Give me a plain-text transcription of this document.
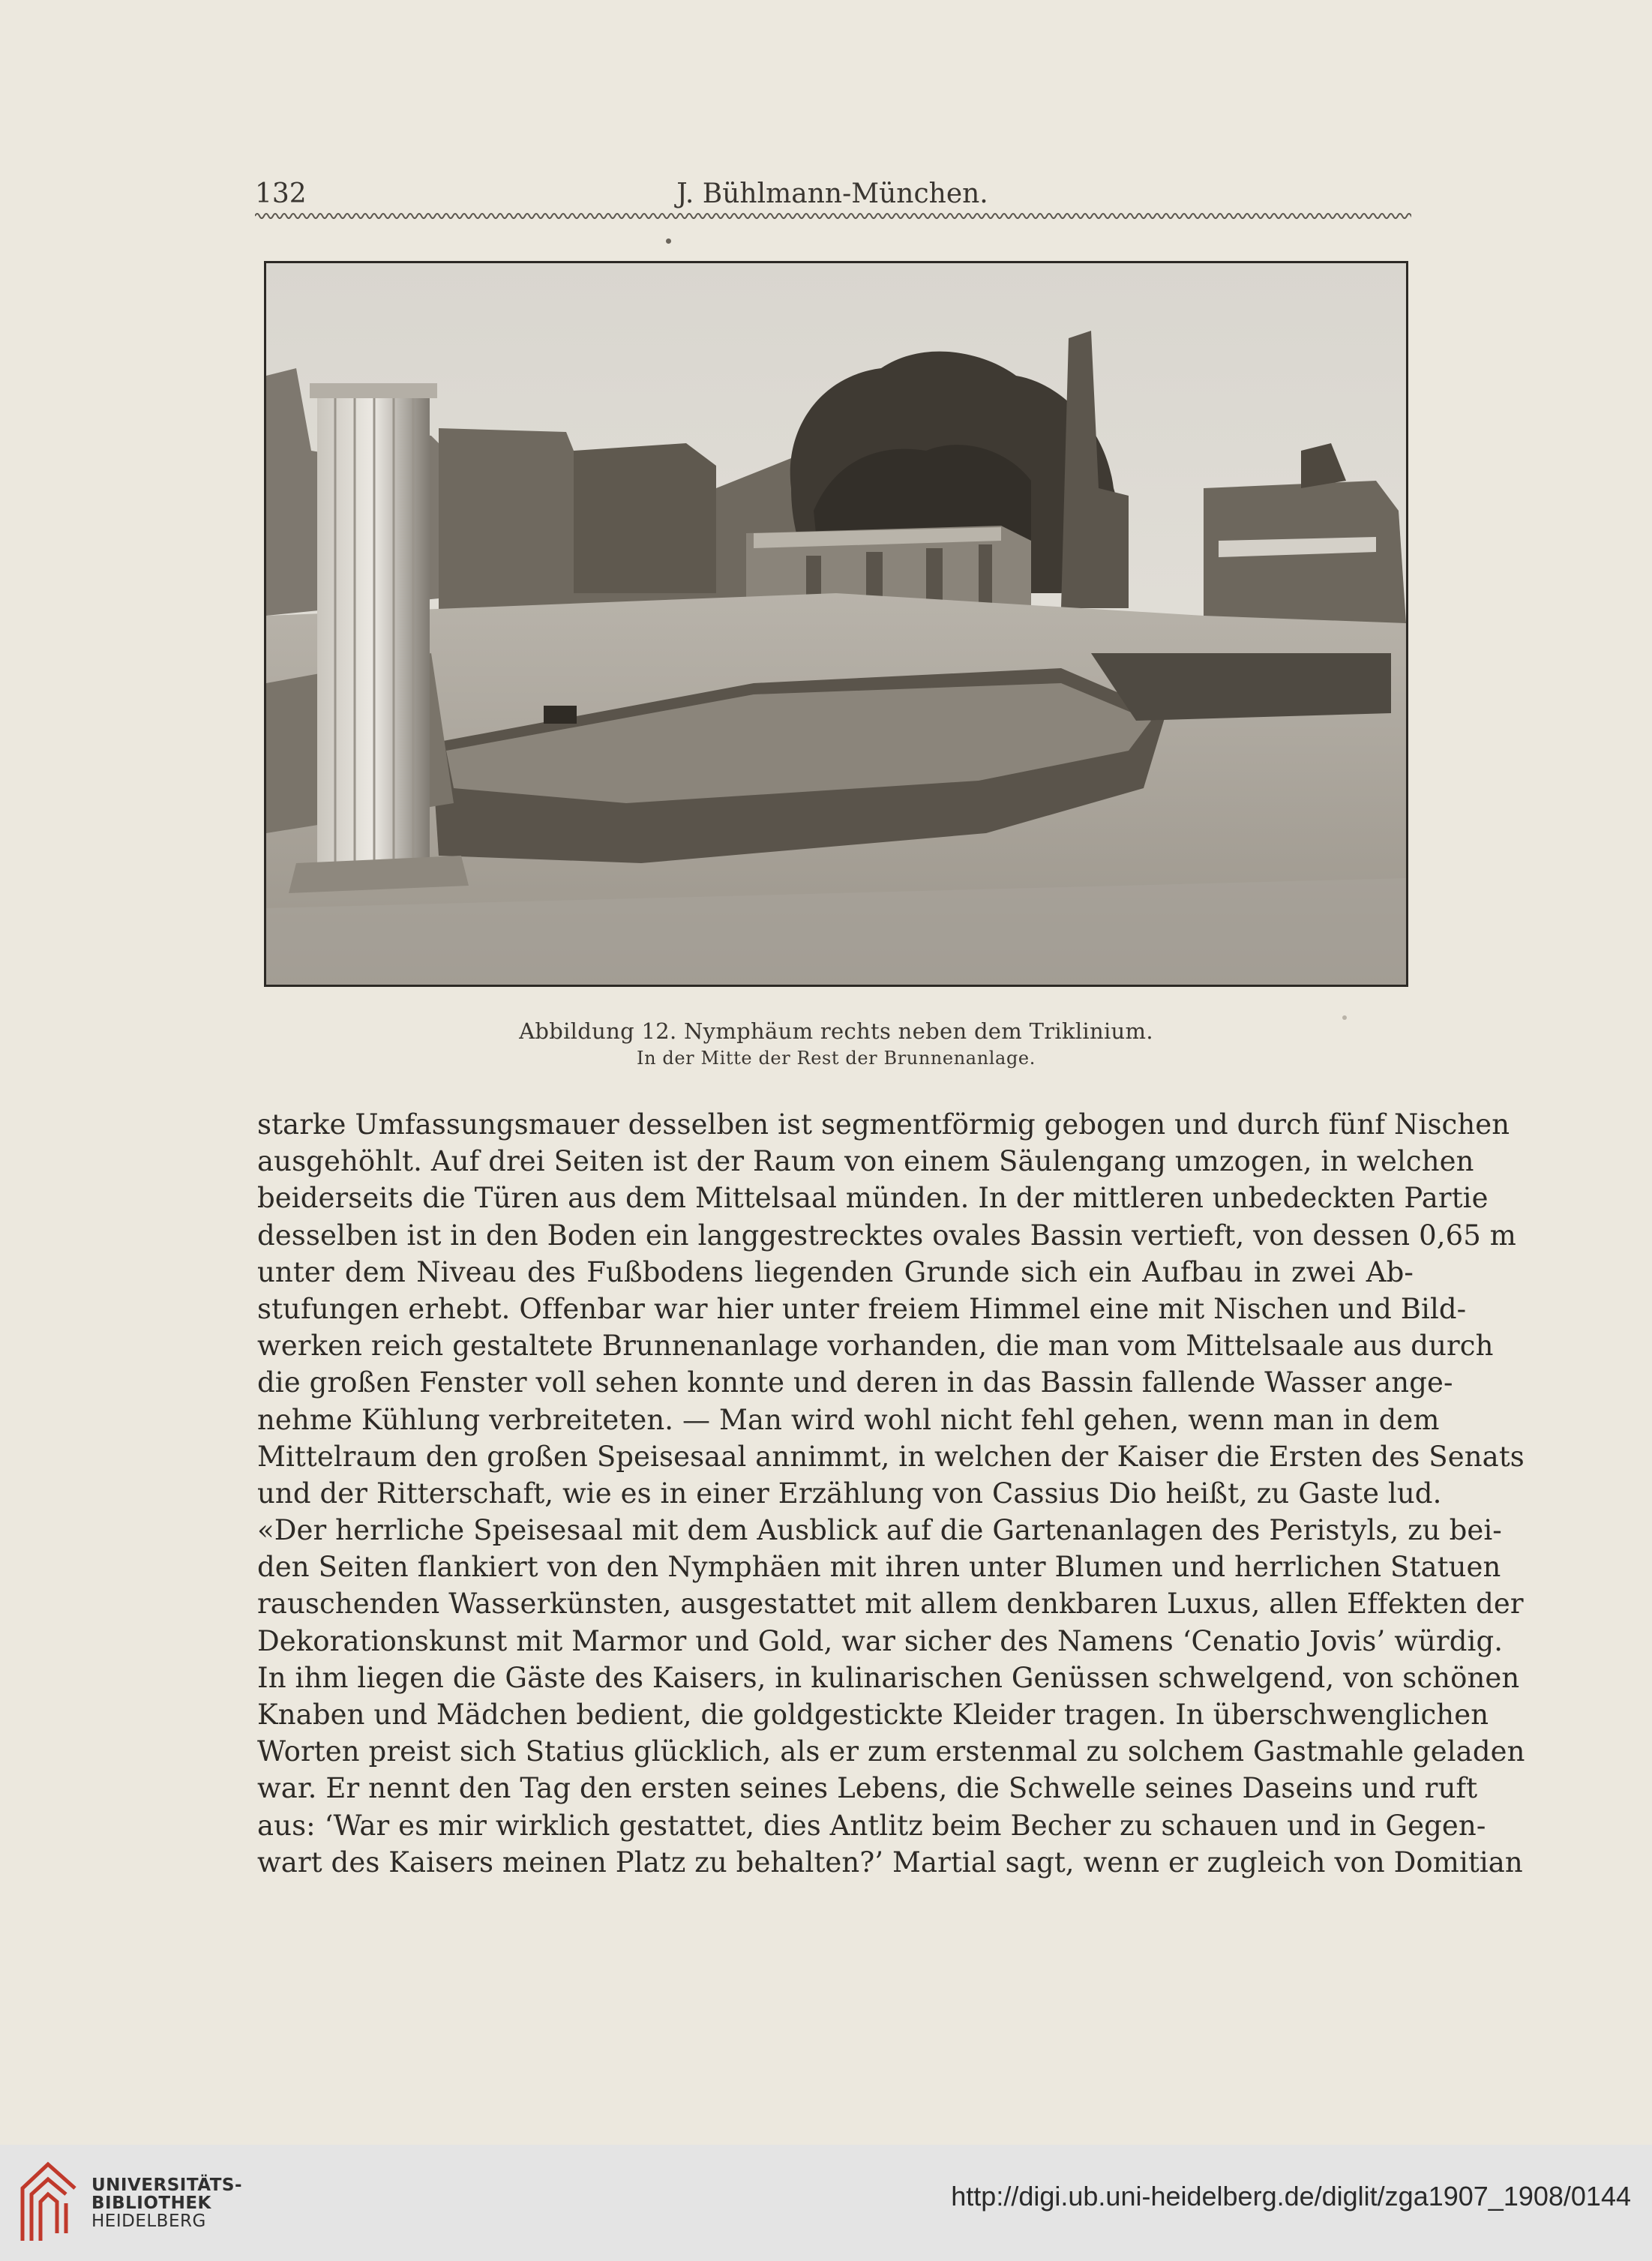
132	J. Bühlmann-München.
Abbildung 12. Nymphäum rechts neben dem Triklinium.
In der Mitte der Rest der Brunnenanlage.
starke Umfassungsmauer desselben ist segmentförmig gebogen und durch fünf Nischen
ausgehöhlt. Auf drei Seiten ist der Raum von einem Säulengang umzogen, in welchen
beiderseits die Türen aus dem Mittelsaal münden. In der mittleren unbedeckten Partie
desselben ist in den Boden ein langgestrecktes ovales Bassin vertieft, von dessen 0,65 m
unter dem Niveau des Fußbodens liegenden Grunde sich ein Aufbau in zwei Ab-
stufungen erhebt. Offenbar war hier unter freiem Himmel eine mit Nischen und Bild-
werken reich gestaltete Brunnenanlage vorhanden, die man vom Mittelsaale aus durch
die großen Fenster voll sehen konnte und deren in das Bassin fallende Wasser ange-
nehme Kühlung verbreiteten. — Man wird wohl nicht fehl gehen, wenn man in dem
Mittelraum den großen Speisesaal annimmt, in welchen der Kaiser die Ersten des Senats
und der Ritterschaft, wie es in einer Erzählung von Cassius Dio heißt, zu Gaste lud.
«Der herrliche Speisesaal mit dem Ausblick auf die Gartenanlagen des Peristyls, zu bei-
den Seiten flankiert von den Nymphäen mit ihren unter Blumen und herrlichen Statuen
rauschenden Wasserkünsten, ausgestattet mit allem denkbaren Luxus, allen Effekten der
Dekorationskunst mit Marmor und Gold, war sicher des Namens ʻCenatio Jovis’ würdig.
In ihm liegen die Gäste des Kaisers, in kulinarischen Genüssen schwelgend, von schönen
Knaben und Mädchen bedient, die goldgestickte Kleider tragen. In überschwenglichen
Worten preist sich Statius glücklich, als er zum erstenmal zu solchem Gastmahle geladen
war. Er nennt den Tag den ersten seines Lebens, die Schwelle seines Daseins und ruft
aus: ʻWar es mir wirklich gestattet, dies Antlitz beim Becher zu schauen und in Gegen-
wart des Kaisers meinen Platz zu behalten?’ Martial sagt, wenn er zugleich von Domitian
UNIVERSITÄTS-
BIBLIOTHEK
HEIDELBERG
http://digi.ub.uni-heidelberg.de/diglit/zga1907_1908/0144
